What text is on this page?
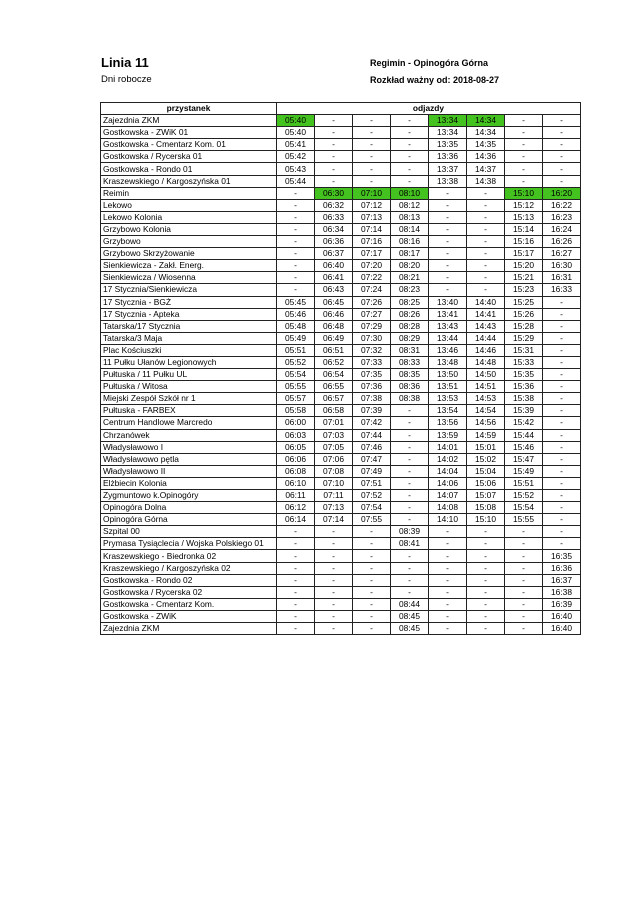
Linia 11
Dni robocze
Regimin - Opinogóra Górna
Rozkład ważny od: 2018-08-27
przystanek	odjazdy							
Zajezdnia ZKM	05:40	-	-	-	13:34	14:34	-	-
Gostkowska - ZWiK 01	05:40	-	-	-	13:34	14:34	-	-
Gostkowska - Cmentarz Kom. 01	05:41	-	-	-	13:35	14:35	-	-
Gostkowska / Rycerska 01	05:42	-	-	-	13:36	14:36	-	-
Gostkowska - Rondo 01	05:43	-	-	-	13:37	14:37	-	-
Kraszewskiego / Kargoszyńska 01	05:44	-	-	-	13:38	14:38	-	-
Reimin	-	06:30	07:10	08:10	-	-	15:10	16:20
Lekowo	-	06:32	07:12	08:12	-	-	15:12	16:22
Lekowo Kolonia	-	06:33	07:13	08:13	-	-	15:13	16:23
Grzybowo Kolonia	-	06:34	07:14	08:14	-	-	15:14	16:24
Grzybowo	-	06:36	07:16	08:16	-	-	15:16	16:26
Grzybowo Skrzyżowanie	-	06:37	07:17	08:17	-	-	15:17	16:27
Sienkiewicza - Zakł. Energ.	-	06:40	07:20	08:20	-	-	15:20	16:30
Sienkiewicza / Wiosenna	-	06:41	07:22	08:21	-	-	15:21	16:31
17 Stycznia/Sienkiewicza	-	06:43	07:24	08:23	-	-	15:23	16:33
17 Stycznia - BGŻ	05:45	06:45	07:26	08:25	13:40	14:40	15:25	-
17 Stycznia - Apteka	05:46	06:46	07:27	08:26	13:41	14:41	15:26	-
Tatarska/17 Stycznia	05:48	06:48	07:29	08:28	13:43	14:43	15:28	-
Tatarska/3 Maja	05:49	06:49	07:30	08:29	13:44	14:44	15:29	-
Plac Kościuszki	05:51	06:51	07:32	08:31	13:46	14:46	15:31	-
11 Pułku Ułanów Legionowych	05:52	06:52	07:33	08:33	13:48	14:48	15:33	-
Pułtuska / 11 Pułku UL	05:54	06:54	07:35	08:35	13:50	14:50	15:35	-
Pułtuska / Witosa	05:55	06:55	07:36	08:36	13:51	14:51	15:36	-
Miejski Zespół Szkół nr 1	05:57	06:57	07:38	08:38	13:53	14:53	15:38	-
Pułtuska - FARBEX	05:58	06:58	07:39	-	13:54	14:54	15:39	-
Centrum Handlowe Marcredo	06:00	07:01	07:42	-	13:56	14:56	15:42	-
Chrzanówek	06:03	07:03	07:44	-	13:59	14:59	15:44	-
Władysławowo I	06:05	07:05	07:46	-	14:01	15:01	15:46	-
Władysławowo pętla	06:06	07:06	07:47	-	14:02	15:02	15:47	-
Władysławowo II	06:08	07:08	07:49	-	14:04	15:04	15:49	-
Elżbiecin Kolonia	06:10	07:10	07:51	-	14:06	15:06	15:51	-
Zygmuntowo k.Opinogóry	06:11	07:11	07:52	-	14:07	15:07	15:52	-
Opinogóra Dolna	06:12	07:13	07:54	-	14:08	15:08	15:54	-
Opinogóra Górna	06:14	07:14	07:55	-	14:10	15:10	15:55	-
Szpital 00	-	-	-	08:39	-	-	-	-
Prymasa Tysiąclecia / Wojska Polskiego 01	-	-	-	08:41	-	-	-	-
Kraszewskiego - Biedronka 02	-	-	-	-	-	-	-	16:35
Kraszewskiego / Kargoszyńska 02	-	-	-	-	-	-	-	16:36
Gostkowska - Rondo 02	-	-	-	-	-	-	-	16:37
Gostkowska / Rycerska 02	-	-	-	-	-	-	-	16:38
Gostkowska - Cmentarz Kom.	-	-	-	08:44	-	-	-	16:39
Gostkowska - ZWiK	-	-	-	08:45	-	-	-	16:40
Zajezdnia ZKM	-	-	-	08:45	-	-	-	16:40
